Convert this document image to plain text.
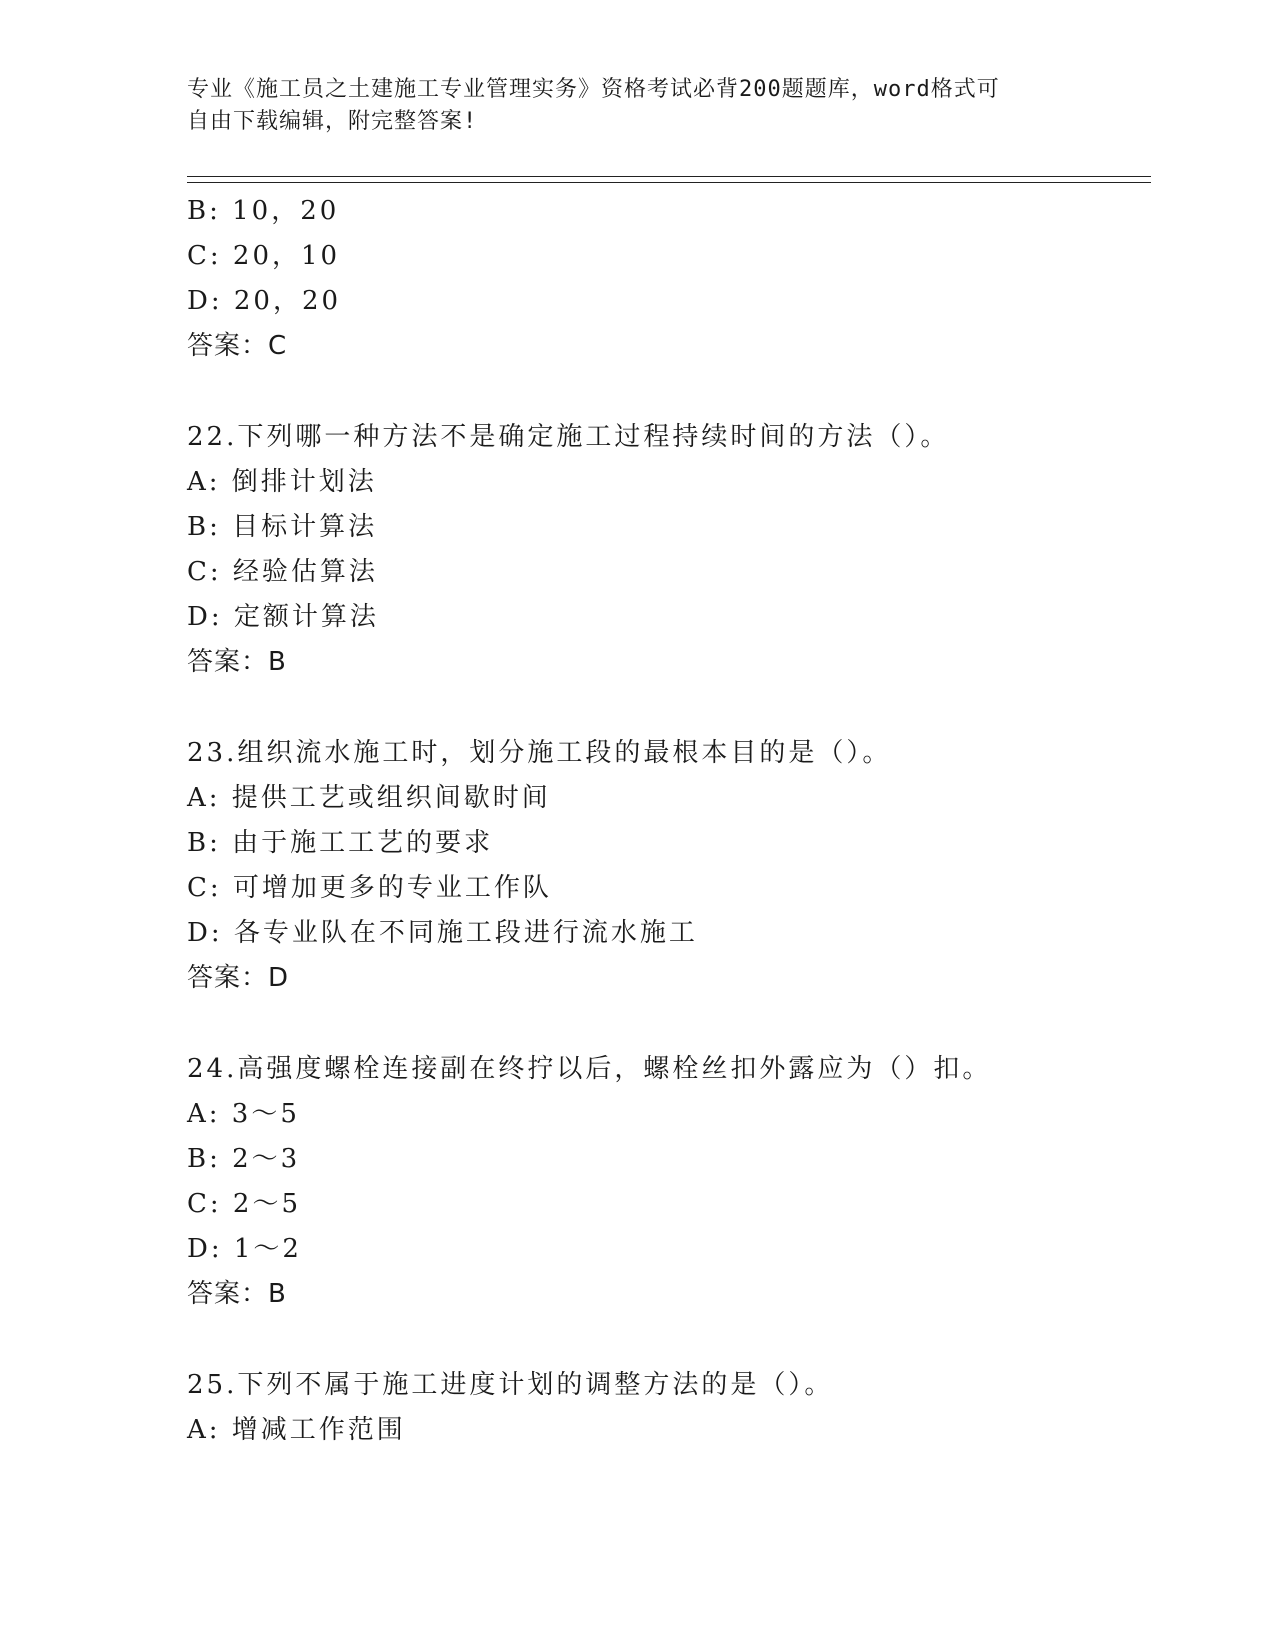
专业《施工员之土建施工专业管理实务》资格考试必背200题题库，word格式可
自由下载编辑，附完整答案!
B: 10，20
C: 20，10
D: 20，20
答案：C
22.下列哪一种方法不是确定施工过程持续时间的方法（）。
A: 倒排计划法
B: 目标计算法
C: 经验估算法
D: 定额计算法
答案：B
23.组织流水施工时，划分施工段的最根本目的是（）。
A: 提供工艺或组织间歇时间
B: 由于施工工艺的要求
C: 可增加更多的专业工作队
D: 各专业队在不同施工段进行流水施工
答案：D
24.高强度螺栓连接副在终拧以后，螺栓丝扣外露应为（）扣。
A: 3～5
B: 2～3
C: 2～5
D: 1～2
答案：B
25.下列不属于施工进度计划的调整方法的是（）。
A: 增减工作范围
